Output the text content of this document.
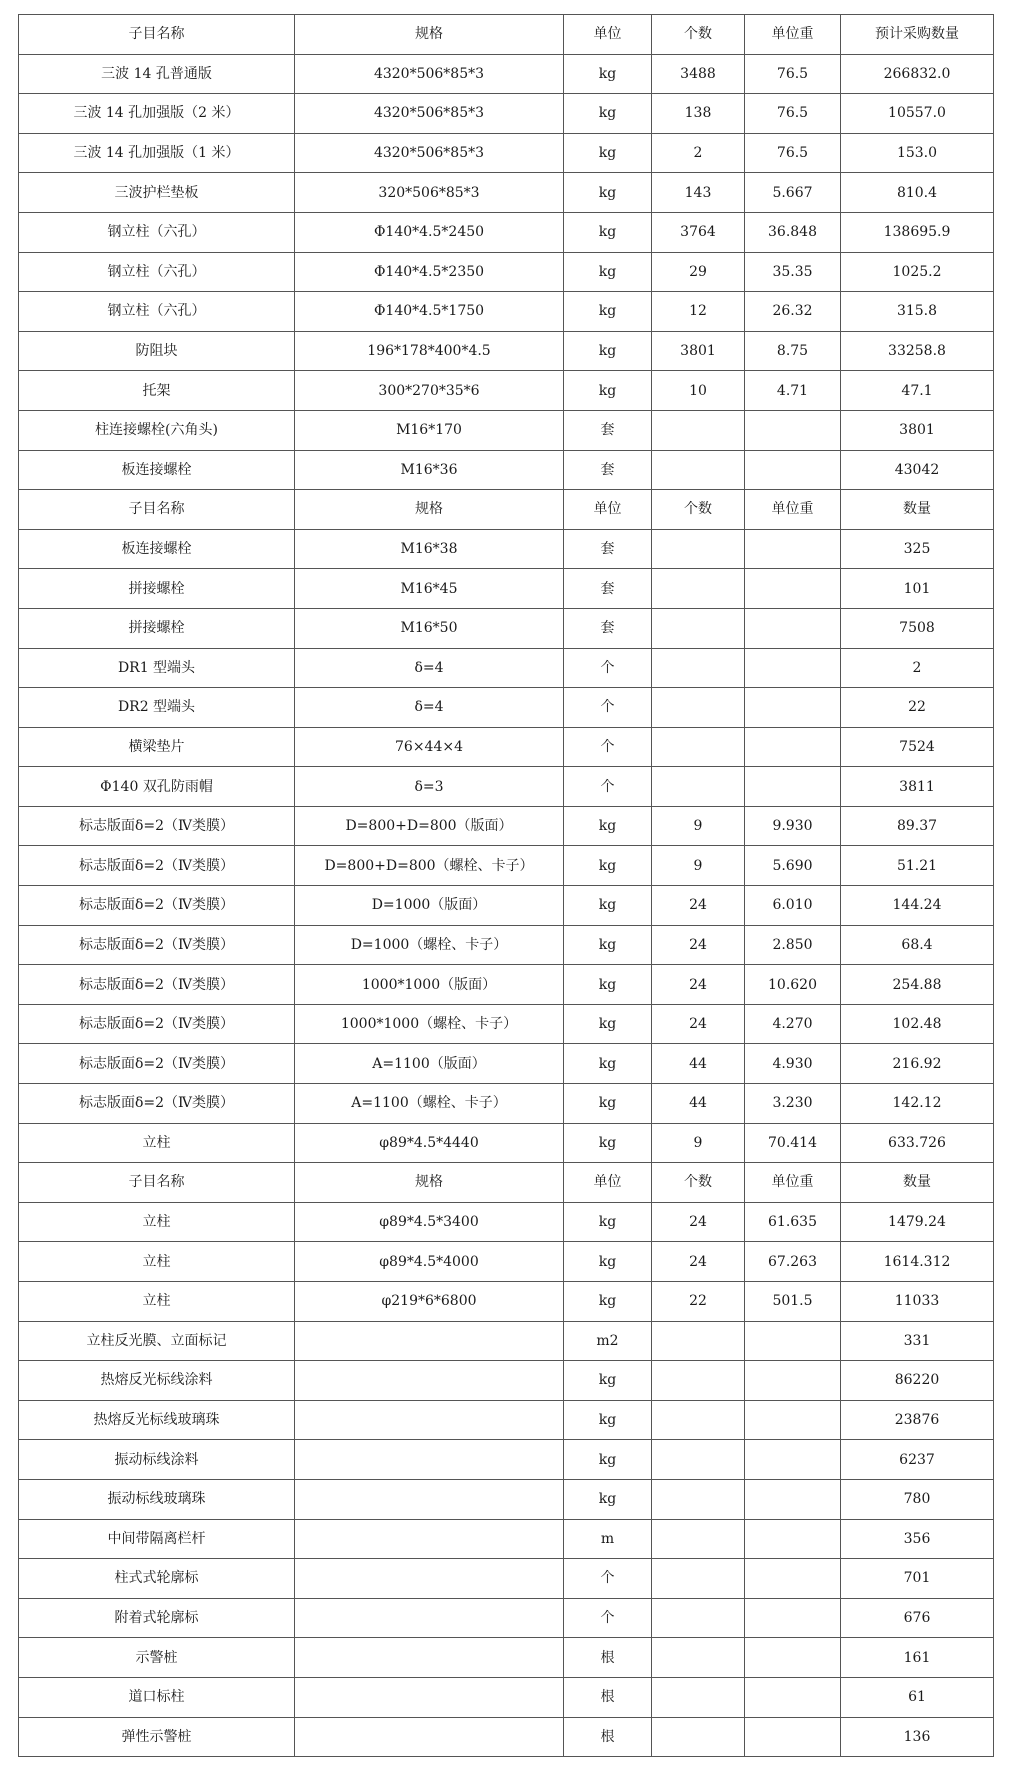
子目名称	规格	单位	个数	单位重	预计采购数量
三波 14 孔普通版	4320*506*85*3	kg	3488	76.5	266832.0
三波 14 孔加强版（2 米）	4320*506*85*3	kg	138	76.5	10557.0
三波 14 孔加强版（1 米）	4320*506*85*3	kg	2	76.5	153.0
三波护栏垫板	320*506*85*3	kg	143	5.667	810.4
钢立柱（六孔）	Φ140*4.5*2450	kg	3764	36.848	138695.9
钢立柱（六孔）	Φ140*4.5*2350	kg	29	35.35	1025.2
钢立柱（六孔）	Φ140*4.5*1750	kg	12	26.32	315.8
防阻块	196*178*400*4.5	kg	3801	8.75	33258.8
托架	300*270*35*6	kg	10	4.71	47.1
柱连接螺栓(六角头)	M16*170	套			3801
板连接螺栓	M16*36	套			43042
子目名称	规格	单位	个数	单位重	数量
板连接螺栓	M16*38	套			325
拼接螺栓	M16*45	套			101
拼接螺栓	M16*50	套			7508
DR1 型端头	δ=4	个			2
DR2 型端头	δ=4	个			22
横梁垫片	76×44×4	个			7524
Φ140 双孔防雨帽	δ=3	个			3811
标志版面δ=2（Ⅳ类膜）	D=800+D=800（版面）	kg	9	9.930	89.37
标志版面δ=2（Ⅳ类膜）	D=800+D=800（螺栓、卡子）	kg	9	5.690	51.21
标志版面δ=2（Ⅳ类膜）	D=1000（版面）	kg	24	6.010	144.24
标志版面δ=2（Ⅳ类膜）	D=1000（螺栓、卡子）	kg	24	2.850	68.4
标志版面δ=2（Ⅳ类膜）	1000*1000（版面）	kg	24	10.620	254.88
标志版面δ=2（Ⅳ类膜）	1000*1000（螺栓、卡子）	kg	24	4.270	102.48
标志版面δ=2（Ⅳ类膜）	A=1100（版面）	kg	44	4.930	216.92
标志版面δ=2（Ⅳ类膜）	A=1100（螺栓、卡子）	kg	44	3.230	142.12
立柱	φ89*4.5*4440	kg	9	70.414	633.726
子目名称	规格	单位	个数	单位重	数量
立柱	φ89*4.5*3400	kg	24	61.635	1479.24
立柱	φ89*4.5*4000	kg	24	67.263	1614.312
立柱	φ219*6*6800	kg	22	501.5	11033
立柱反光膜、立面标记		m2			331
热熔反光标线涂料		kg			86220
热熔反光标线玻璃珠		kg			23876
振动标线涂料		kg			6237
振动标线玻璃珠		kg			780
中间带隔离栏杆		m			356
柱式式轮廓标		个			701
附着式轮廓标		个			676
示警桩		根			161
道口标柱		根			61
弹性示警桩		根			136
